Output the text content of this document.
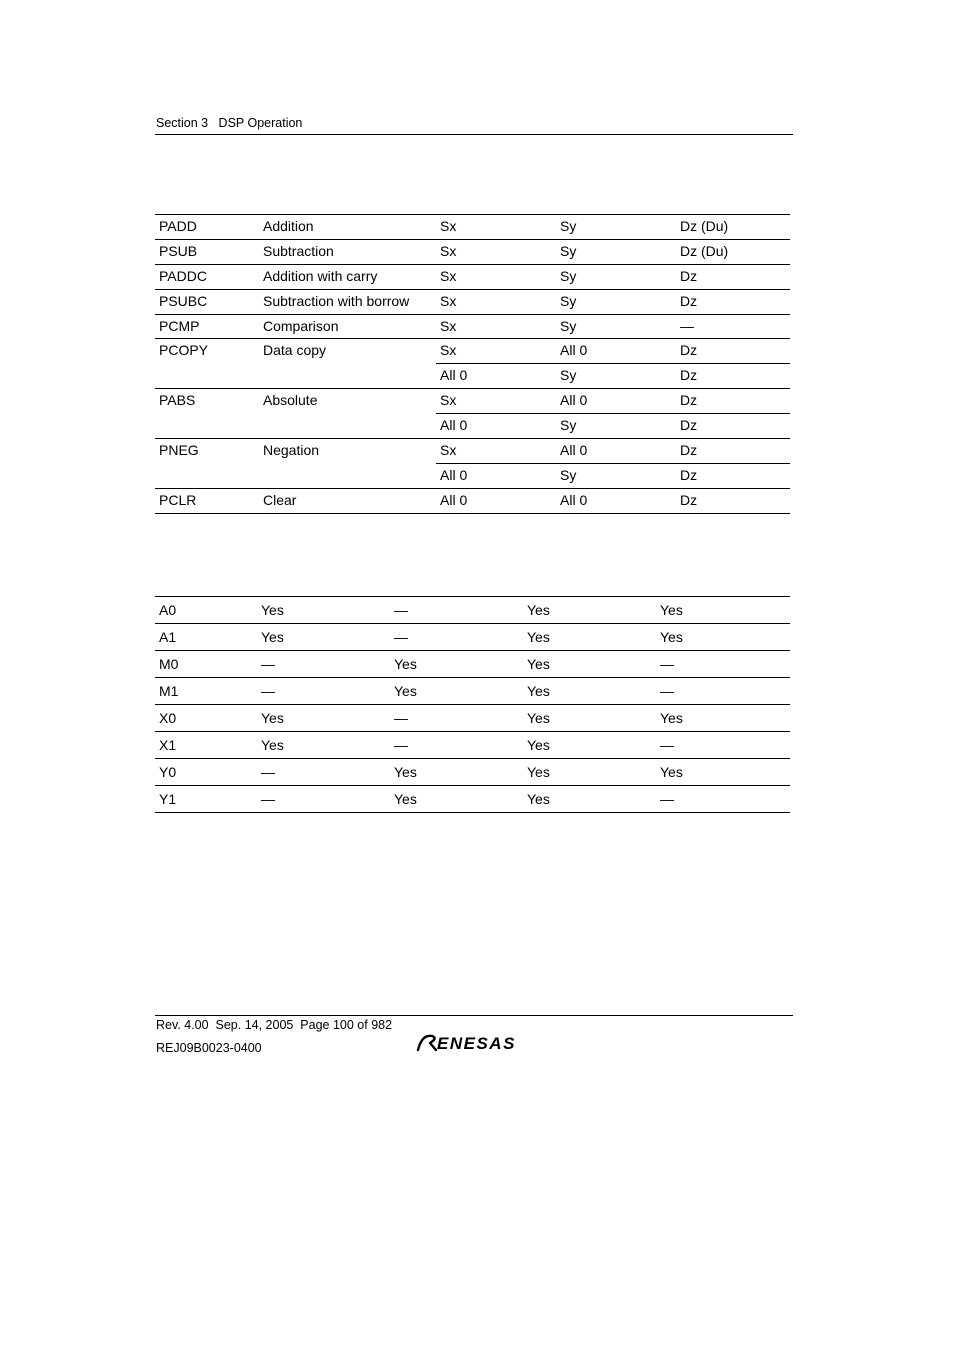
Section 3   DSP Operation
PADD	Addition	Sx	Sy	Dz (Du)
PSUB	Subtraction	Sx	Sy	Dz (Du)
PADDC	Addition with carry	Sx	Sy	Dz
PSUBC	Subtraction with borrow	Sx	Sy	Dz
PCMP	Comparison	Sx	Sy	—
PCOPY	Data copy	Sx	All 0	Dz
		All 0	Sy	Dz
PABS	Absolute	Sx	All 0	Dz
		All 0	Sy	Dz
PNEG	Negation	Sx	All 0	Dz
		All 0	Sy	Dz
PCLR	Clear	All 0	All 0	Dz
A0	Yes	—	Yes	Yes
A1	Yes	—	Yes	Yes
M0	—	Yes	Yes	—
M1	—	Yes	Yes	—
X0	Yes	—	Yes	Yes
X1	Yes	—	Yes	—
Y0	—	Yes	Yes	Yes
Y1	—	Yes	Yes	—
Rev. 4.00  Sep. 14, 2005  Page 100 of 982
REJ09B0023-0400	ENESAS
